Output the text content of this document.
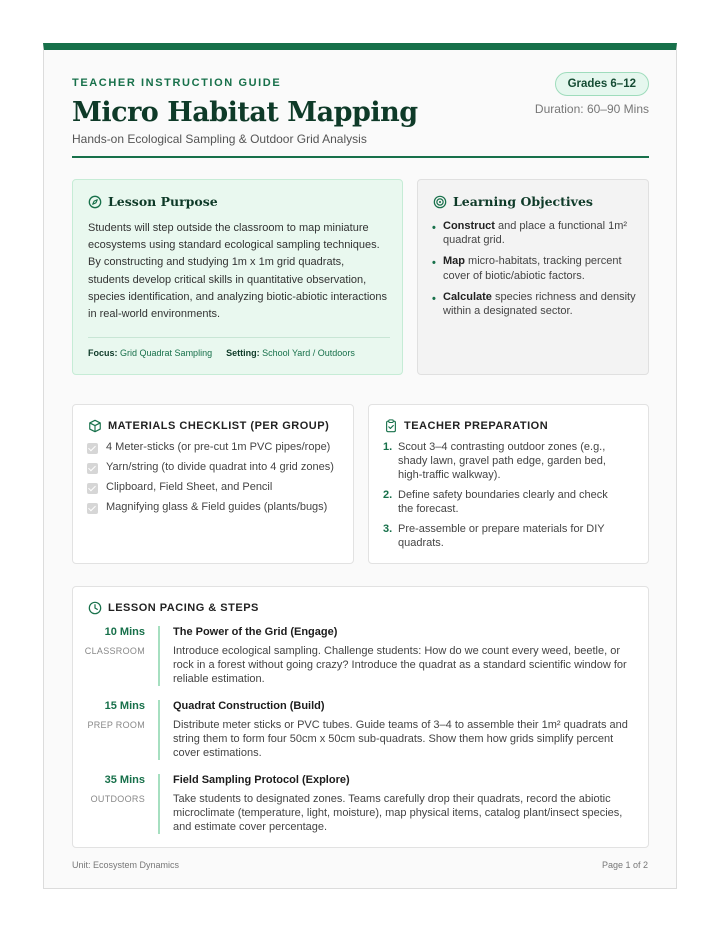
TEACHER INSTRUCTION GUIDE
Micro Habitat Mapping
Hands-on Ecological Sampling & Outdoor Grid Analysis
Grades 6–12
Duration: 60–90 Mins
Lesson Purpose
Students will step outside the classroom to map miniature ecosystems using standard ecological sampling techniques. By constructing and studying 1m x 1m grid quadrats, students develop critical skills in quantitative observation, species identification, and analyzing biotic-abiotic interactions in real-world environments.
Focus: Grid Quadrat Sampling Setting: School Yard / Outdoors
Learning Objectives
• Construct and place a functional 1m² quadrat grid.
• Map micro-habitats, tracking percent cover of biotic/abiotic factors.
• Calculate species richness and density within a designated sector.
MATERIALS CHECKLIST (PER GROUP)
4 Meter-sticks (or pre-cut 1m PVC pipes/rope)
Yarn/string (to divide quadrat into 4 grid zones)
Clipboard, Field Sheet, and Pencil
Magnifying glass & Field guides (plants/bugs)
TEACHER PREPARATION
1. Scout 3–4 contrasting outdoor zones (e.g., shady lawn, gravel path edge, garden bed, high-traffic walkway).
2. Define safety boundaries clearly and check the forecast.
3. Pre-assemble or prepare materials for DIY quadrats.
LESSON PACING & STEPS
10 Mins
CLASSROOM
The Power of the Grid (Engage)
Introduce ecological sampling. Challenge students: How do we count every weed, beetle, or rock in a forest without going crazy? Introduce the quadrat as a standard scientific window for reliable estimation.
15 Mins
PREP ROOM
Quadrat Construction (Build)
Distribute meter sticks or PVC tubes. Guide teams of 3–4 to assemble their 1m² quadrats and string them to form four 50cm x 50cm sub-quadrats. Show them how grids simplify percent cover estimations.
35 Mins
OUTDOORS
Field Sampling Protocol (Explore)
Take students to designated zones. Teams carefully drop their quadrats, record the abiotic microclimate (temperature, light, moisture), map physical items, catalog plant/insect species, and estimate cover percentage.
Unit: Ecosystem Dynamics	Page 1 of 2
